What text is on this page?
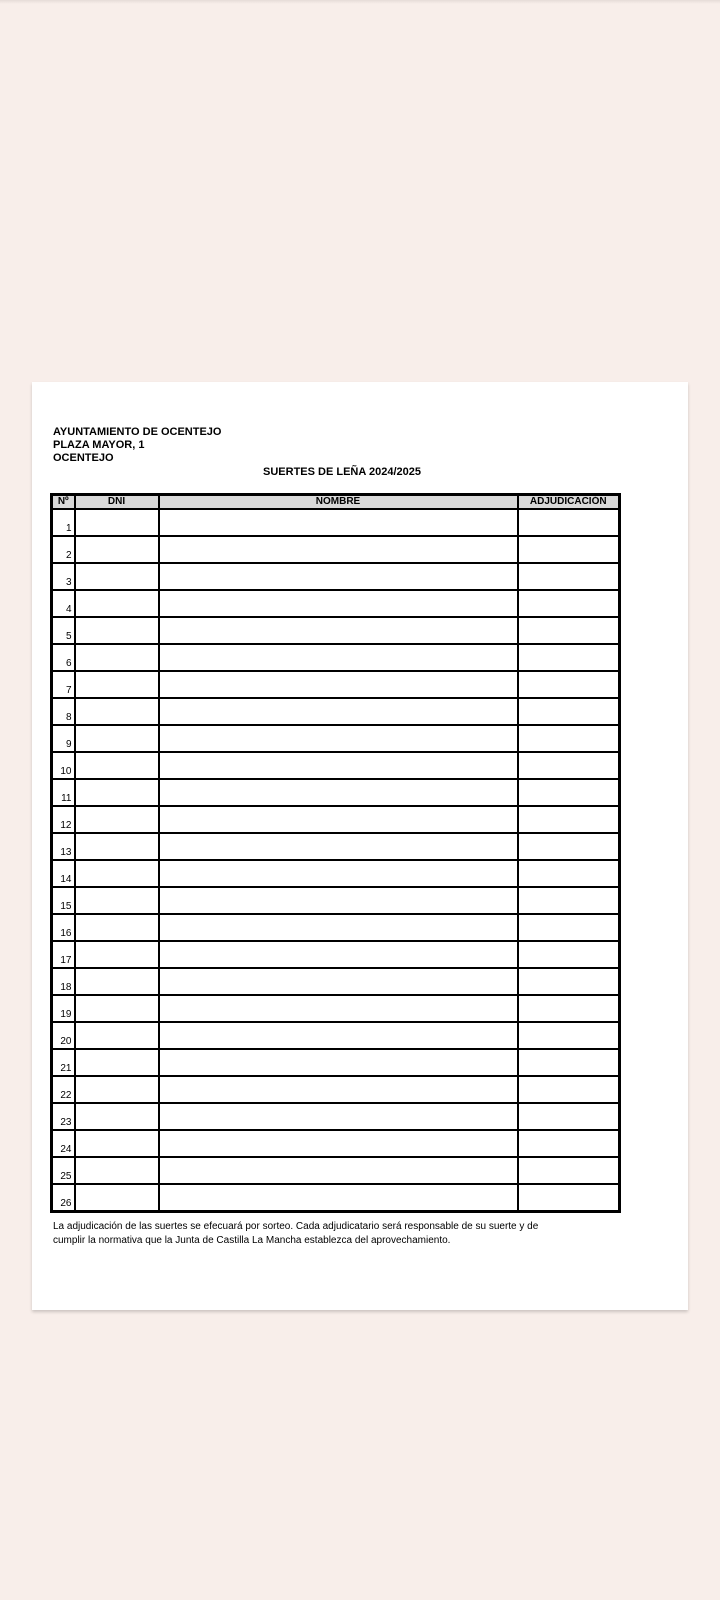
AYUNTAMIENTO DE OCENTEJO
PLAZA MAYOR, 1
OCENTEJO
SUERTES DE LEÑA 2024/2025
Nº	DNI	NOMBRE	ADJUDICACIÓN
1			
2			
3			
4			
5			
6			
7			
8			
9			
10			
11			
12			
13			
14			
15			
16			
17			
18			
19			
20			
21			
22			
23			
24			
25			
26			
La adjudicación de las suertes se efecuará por sorteo. Cada adjudicatario será responsable de su suerte y de
cumplir la normativa que la Junta de Castilla La Mancha establezca del aprovechamiento.
